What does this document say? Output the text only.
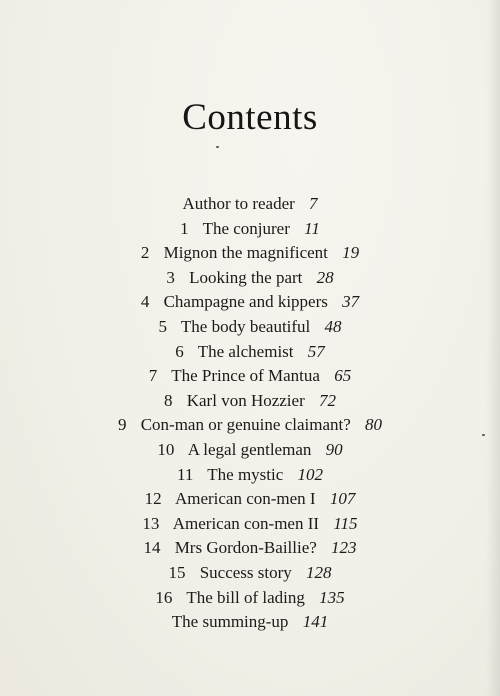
Contents
Author to reader 7
1 The conjurer 11
2 Mignon the magnificent 19
3 Looking the part 28
4 Champagne and kippers 37
5 The body beautiful 48
6 The alchemist 57
7 The Prince of Mantua 65
8 Karl von Hozzier 72
9 Con-man or genuine claimant? 80
10 A legal gentleman 90
11 The mystic 102
12 American con-men I 107
13 American con-men II 115
14 Mrs Gordon-Baillie? 123
15 Success story 128
16 The bill of lading 135
The summing-up 141
